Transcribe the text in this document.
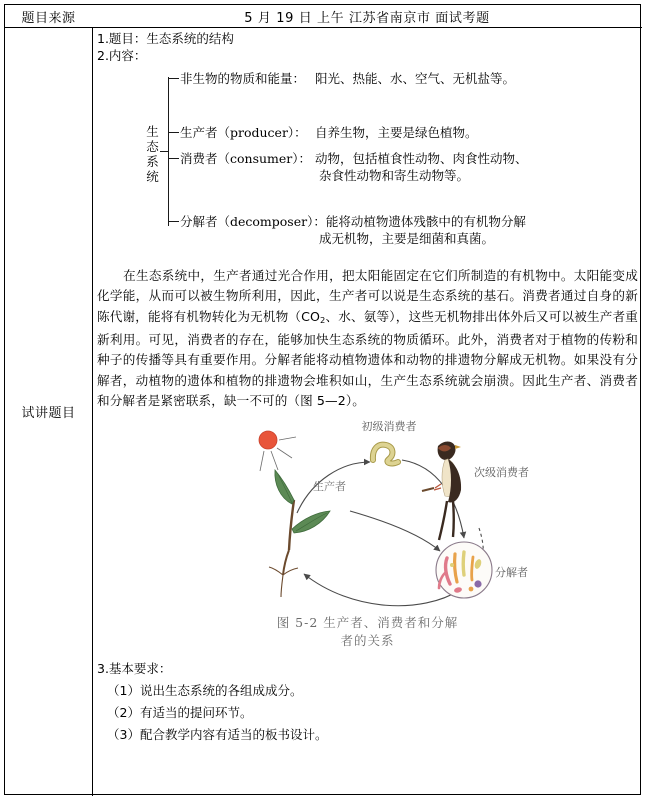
题目来源	5 月 19 日 上午 江苏省南京市 面试考题
试讲题目
1.题目：生态系统的结构
2.内容：
生
态
系
统
非生物的物质和能量： 阳光、热能、水、空气、无机盐等。
生产者（producer）： 自养生物，主要是绿色植物。
消费者（consumer）： 动物，包括植食性动物、肉食性动物、
杂食性动物和寄生动物等。
分解者（decomposer）：能将动植物遗体残骸中的有机物分解
成无机物，主要是细菌和真菌。
在生态系统中，生产者通过光合作用，把太阳能固定在它们所制造的有机物中。太阳能变成化学能，从而可以被生物所利用，因此，生产者可以说是生态系统的基石。消费者通过自身的新陈代谢，能将有机物转化为无机物（$CO_2$、水、氨等），这些无机物排出体外后又可以被生产者重新利用。可见，消费者的存在，能够加快生态系统的物质循环。此外，消费者对于植物的传粉和种子的传播等具有重要作用。分解者能将动植物遗体和动物的排遗物分解成无机物。如果没有分解者，动植物的遗体和植物的排遗物会堆积如山，生产生态系统就会崩溃。因此生产者、消费者和分解者是紧密联系，缺一不可的（图 5—2）。
初级消费者
次级消费者
生产者
分解者
图 5-2 生产者、消费者和分解
者的关系
3.基本要求：
（1）说出生态系统的各组成成分。
（2）有适当的提问环节。
（3）配合教学内容有适当的板书设计。
